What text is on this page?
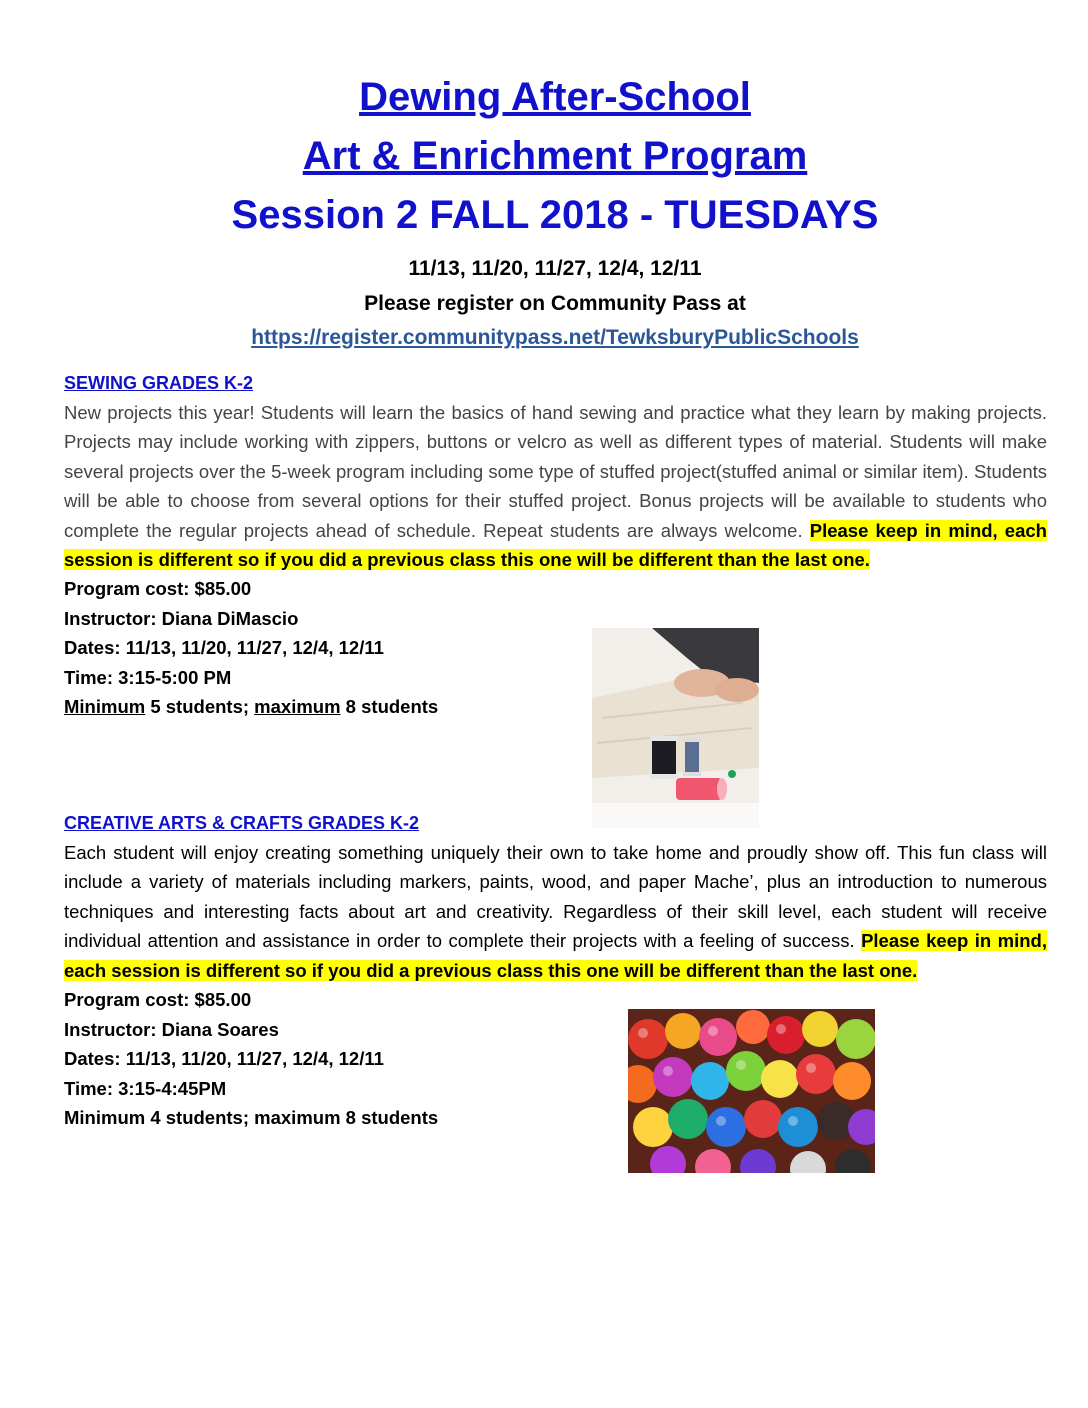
Dewing After-School
Art & Enrichment Program
Session 2 FALL 2018 - TUESDAYS
11/13, 11/20, 11/27, 12/4, 12/11
Please register on Community Pass at
https://register.communitypass.net/TewksburyPublicSchools
SEWING GRADES K-2

New projects this year! Students will learn the basics of hand sewing and practice what they learn by making projects. Projects may include working with zippers, buttons or velcro as well as different types of material. Students will make several projects over the 5-week program including some type of stuffed project(stuffed animal or similar item). Students will be able to choose from several options for their stuffed project. Bonus projects will be available to students who complete the regular projects ahead of schedule. Repeat students are always welcome. Please keep in mind, each session is different so if you did a previous class this one will be different than the last one.

Program cost: $85.00
Instructor: Diana DiMascio
Dates: 11/13, 11/20, 11/27, 12/4, 12/11
Time: 3:15-5:00 PM
Minimum 5 students; maximum 8 students
CREATIVE ARTS & CRAFTS GRADES K-2

Each student will enjoy creating something uniquely their own to take home and proudly show off. This fun class will include a variety of materials including markers, paints, wood, and paper Mache’, plus an introduction to numerous techniques and interesting facts about art and creativity. Regardless of their skill level, each student will receive individual attention and assistance in order to complete their projects with a feeling of success. Please keep in mind, each session is different so if you did a previous class this one will be different than the last one.

Program cost: $85.00
Instructor: Diana Soares
Dates: 11/13, 11/20, 11/27, 12/4, 12/11
Time: 3:15-4:45PM
Minimum 4 students; maximum 8 students
